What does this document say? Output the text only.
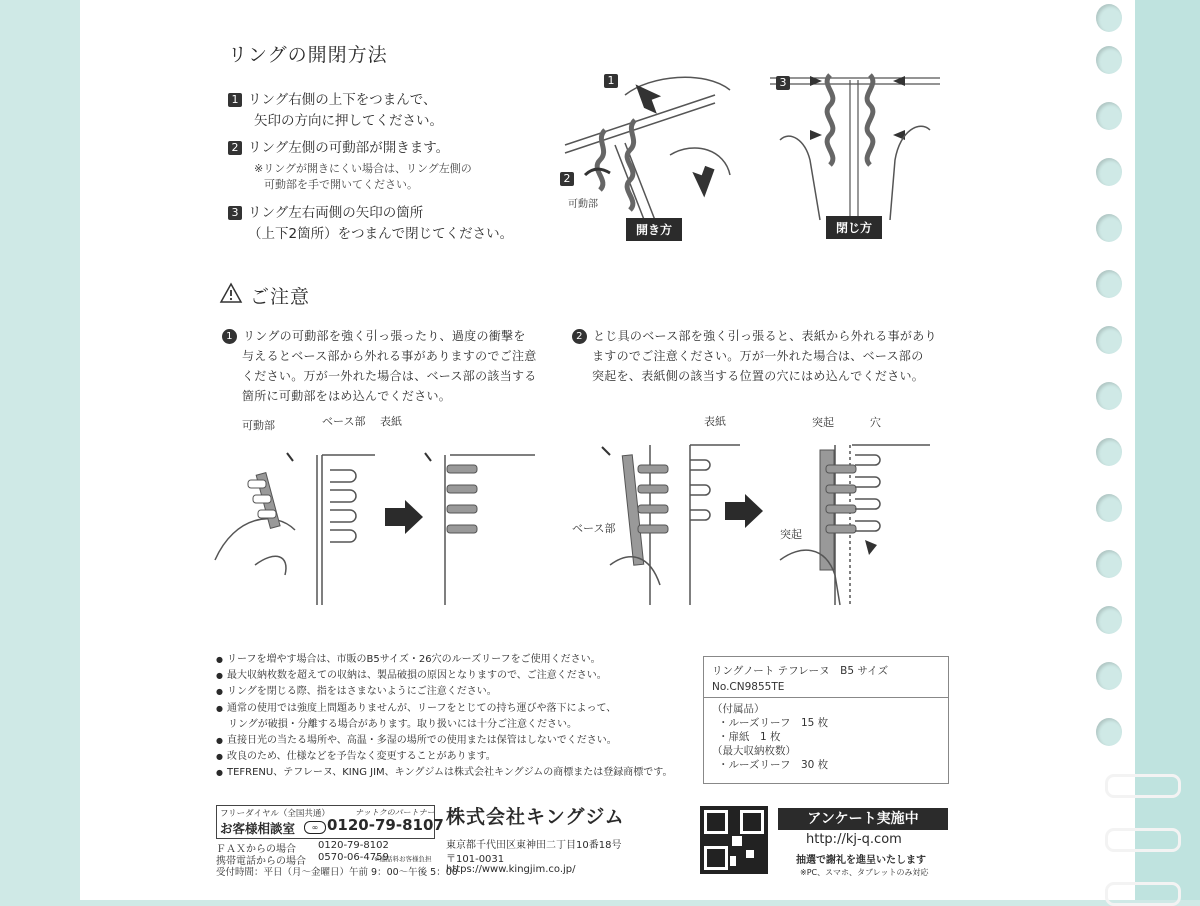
リングの開閉方法
1 リング右側の上下をつまんで、
矢印の方向に押してください。
2 リング左側の可動部が開きます。
※リングが開きにくい場合は、リング左側の
可動部を手で開いてください。
3 リング左右両側の矢印の箇所
（上下2箇所）をつまんで閉じてください。
1
2
可動部
開き方
3
閉じ方
ご注意
1 リングの可動部を強く引っ張ったり、過度の衝撃を
与えるとベース部から外れる事がありますのでご注意
ください。万が一外れた場合は、ベース部の該当する
箇所に可動部をはめ込んでください。
2 とじ具のベース部を強く引っ張ると、表紙から外れる事があり
ますのでご注意ください。万が一外れた場合は、ベース部の
突起を、表紙側の該当する位置の穴にはめ込んでください。
可動部	ベース部 表紙	表紙
ベース部
突起	穴
突起
● リーフを増やす場合は、市販のB5サイズ・26穴のルーズリーフをご使用ください。
● 最大収納枚数を超えての収納は、製品破損の原因となりますので、ご注意ください。
● リングを閉じる際、指をはさまないようにご注意ください。
● 通常の使用では強度上問題ありませんが、リーフをとじての持ち運びや落下によって、
リングが破損・分離する場合があります。取り扱いには十分ご注意ください。
● 直接日光の当たる場所や、高温・多湿の場所での使用または保管はしないでください。
● 改良のため、仕様などを予告なく変更することがあります。
● TEFRENU、テフレーヌ、KING JIM、キングジムは株式会社キングジムの商標または登録商標です。
リングノート テフレーヌ　B5 サイズ
No.CN9855TE
（付属品）
・ルーズリーフ　15 枚
・扉紙　1 枚
（最大収納枚数）
・ルーズリーフ　30 枚
フリーダイヤル（全国共通）	ナットクのパートナー
お客様相談室	∞ 0120-79-8107
ＦＡＸからの場合 0120-79-8102
携帯電話からの場合 0570-06-4759
※通話料お客様負担
受付時間：平日（月〜金曜日）午前 9：00〜午後 5：00
株式会社キングジム
東京都千代田区東神田二丁目10番18号
〒101-0031
https://www.kingjim.co.jp/
アンケート実施中
http://kj-q.com
抽選で謝礼を進呈いたします
※PC、スマホ、タブレットのみ対応
